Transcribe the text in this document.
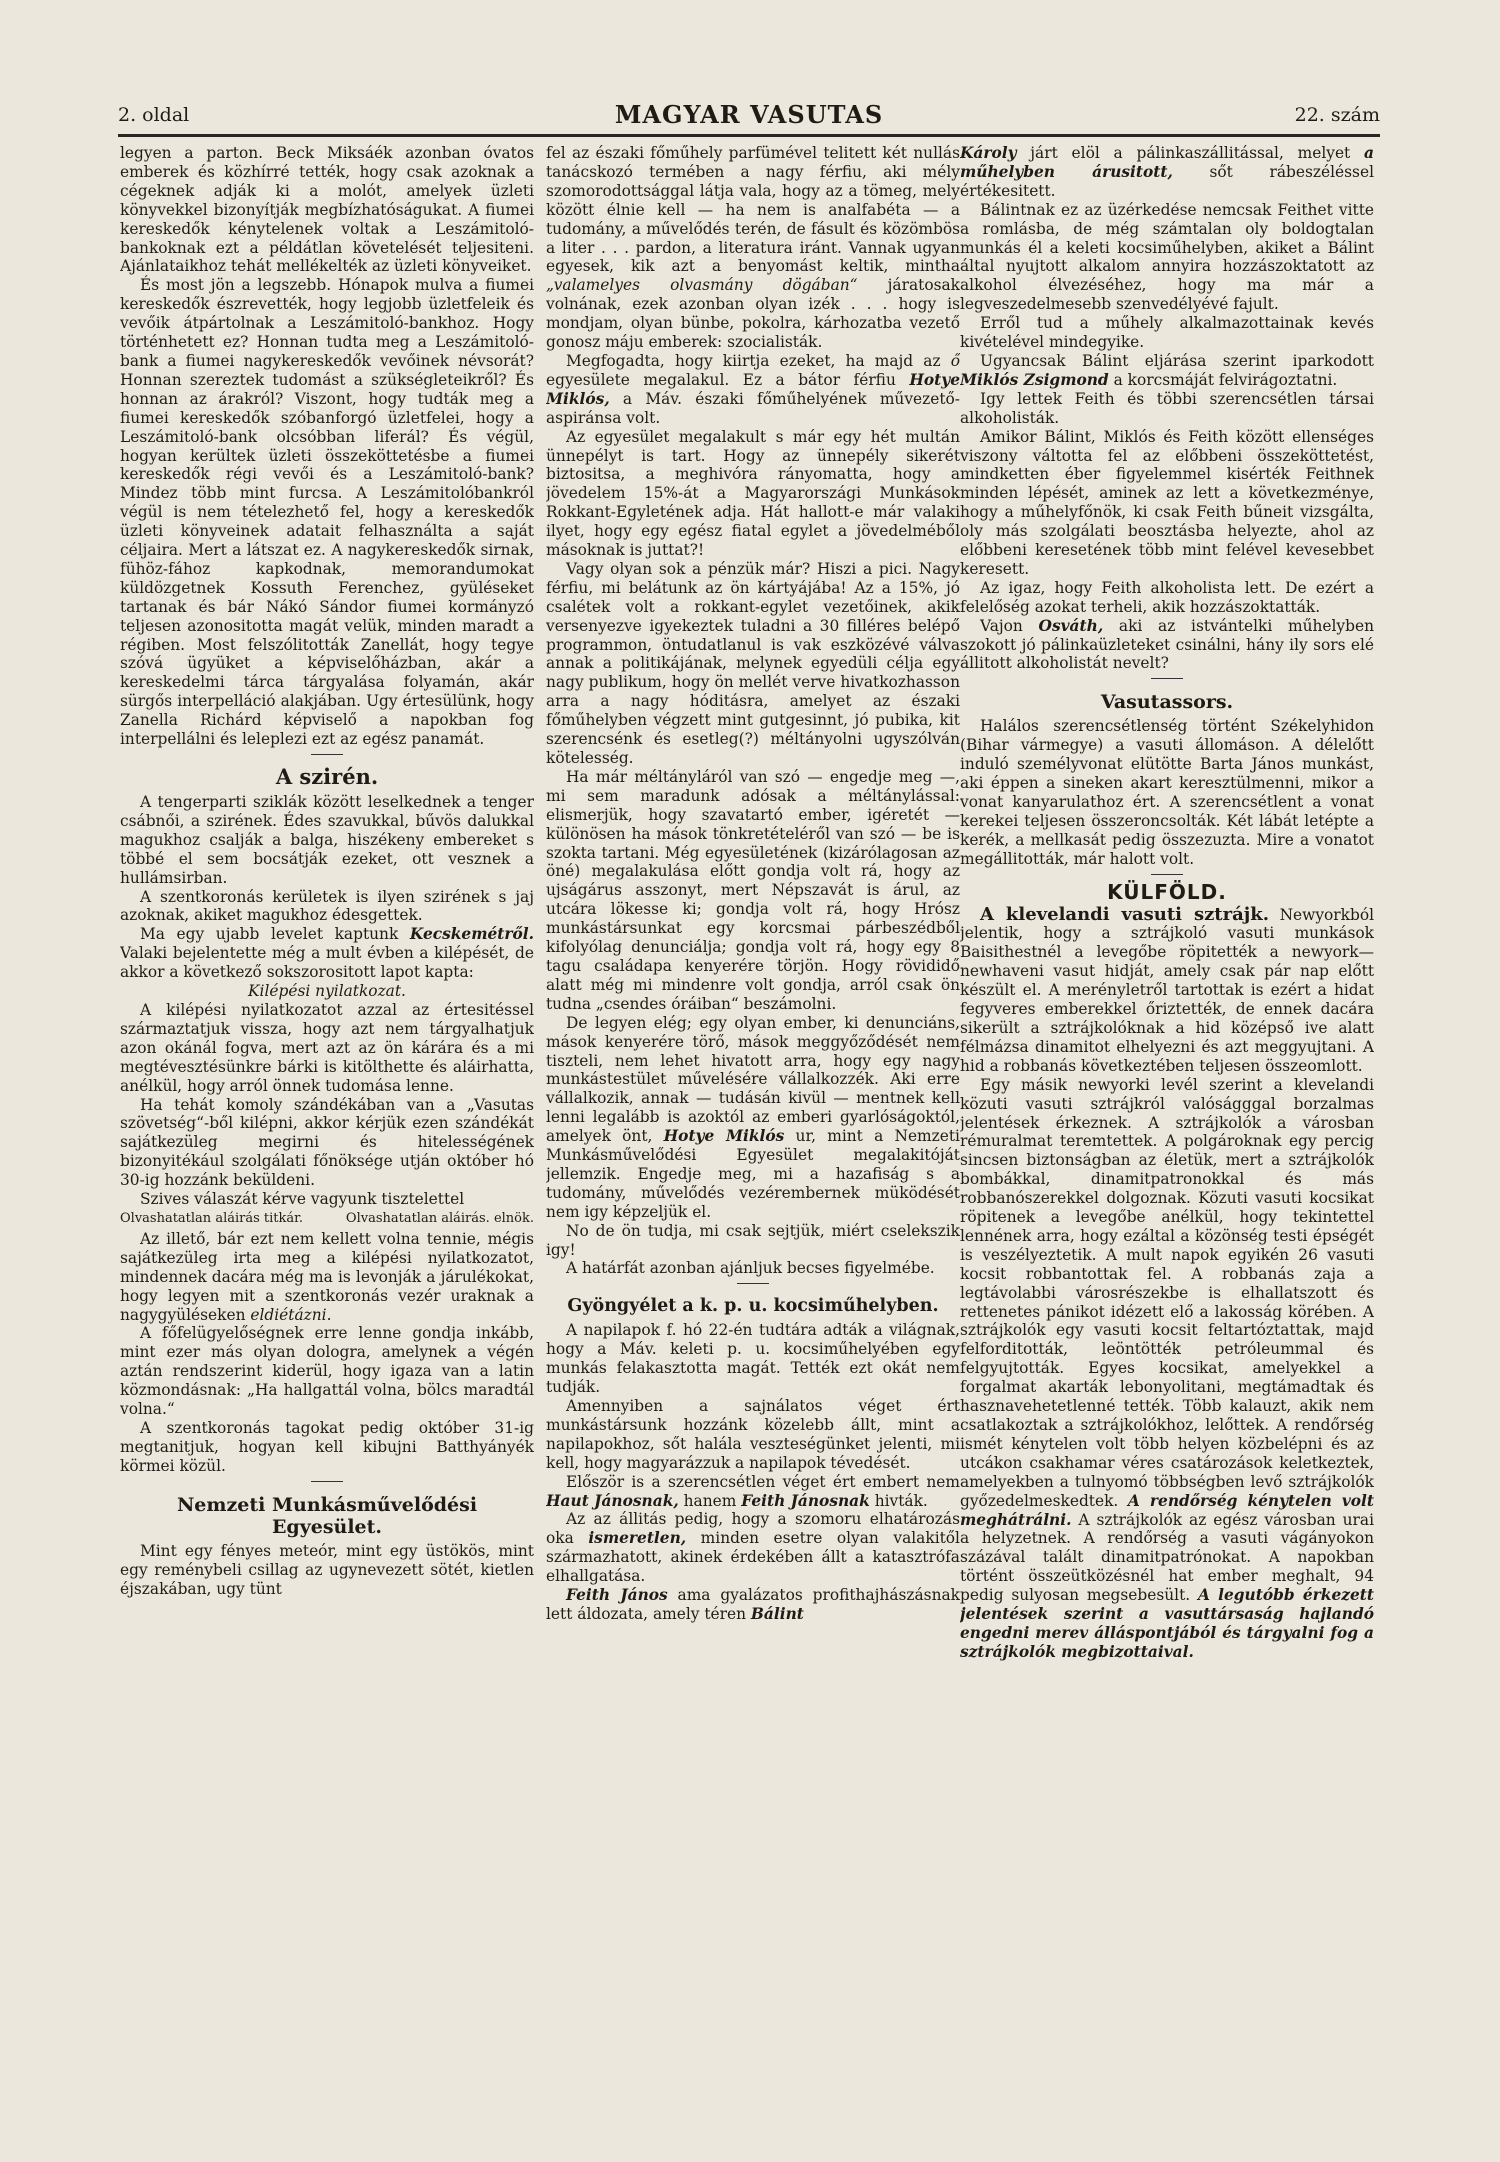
2. oldal	MAGYAR VASUTAS	22. szám

legyen a parton. Beck Miksáék azonban óvatos emberek és közhírré tették, hogy csak azoknak a cégeknek adják ki a molót, amelyek üzleti könyvekkel bizonyítják megbízhatóságukat. A fiumei kereskedők kénytelenek voltak a Leszámitoló-bankoknak ezt a példátlan követelését teljesiteni. Ajánlataikhoz tehát mellékelték az üzleti könyveiket.

És most jön a legszebb. Hónapok mulva a fiumei kereskedők észrevették, hogy legjobb üzletfeleik és vevőik átpártolnak a Leszámitoló-bankhoz. Hogy történhetett ez? Honnan tudta meg a Leszámitoló-bank a fiumei nagykereskedők vevőinek névsorát? Honnan szereztek tudomást a szükségleteikről? És honnan az árakról? Viszont, hogy tudták meg a fiumei kereskedők szóbanforgó üzletfelei, hogy a Leszámitoló-bank olcsóbban liferál? És végül, hogyan kerültek üzleti összeköttetésbe a fiumei kereskedők régi vevői és a Leszámitoló-bank? Mindez több mint furcsa. A Leszámitolóbankról végül is nem tételezhető fel, hogy a kereskedők üzleti könyveinek adatait felhasználta a saját céljaira. Mert a látszat ez. A nagykereskedők sirnak, fühöz-fához kapkodnak, memorandumokat küldözgetnek Kossuth Ferenchez, gyüléseket tartanak és bár Nákó Sándor fiumei kormányzó teljesen azonositotta magát velük, minden maradt a régiben. Most felszólitották Zanellát, hogy tegye szóvá ügyüket a képviselőházban, akár a kereskedelmi tárca tárgyalása folyamán, akár sürgős interpelláció alakjában. Ugy értesülünk, hogy Zanella Richárd képviselő a napokban fog interpellálni és leleplezi ezt az egész panamát.

A szirén.

A tengerparti sziklák között leselkednek a tenger csábnői, a szirének. Édes szavukkal, bűvös dalukkal magukhoz csalják a balga, hiszékeny embereket s többé el sem bocsátják ezeket, ott vesznek a hullámsirban.

A szentkoronás kerületek is ilyen szirének s jaj azoknak, akiket magukhoz édesgettek.

Ma egy ujabb levelet kaptunk Kecskemétről. Valaki bejelentette még a mult évben a kilépését, de akkor a következő sokszorositott lapot kapta:

Kilépési nyilatkozat.

A kilépési nyilatkozatot azzal az értesitéssel származtatjuk vissza, hogy azt nem tárgyalhatjuk azon okánál fogva, mert azt az ön kárára és a mi megtévesztésünkre bárki is kitölthette és aláirhatta, anélkül, hogy arról önnek tudomása lenne.

Ha tehát komoly szándékában van a „Vasutas szövetség“-ből kilépni, akkor kérjük ezen szándékát sajátkezüleg megirni és hitelességének bizonyitékául szolgálati főnöksége utján október hó 30-ig hozzánk beküldeni.

Szives válaszát kérve vagyunk tisztelettel

Olvashatatlan aláirás titkár.	Olvashatatlan aláirás. elnök.

Az illető, bár ezt nem kellett volna tennie, mégis sajátkezüleg irta meg a kilépési nyilatkozatot, mindennek dacára még ma is levonják a járulékokat, hogy legyen mit a szentkoronás vezér uraknak a nagygyüléseken eldiétázni.

A főfelügyelőségnek erre lenne gondja inkább, mint ezer más olyan dologra, amelynek a végén aztán rendszerint kiderül, hogy igaza van a latin közmondásnak: „Ha hallgattál volna, bölcs maradtál volna.“

A szentkoronás tagokat pedig október 31-ig megtanitjuk, hogyan kell kibujni Batthyányék körmei közül.

Nemzeti Munkásművelődési Egyesület.

Mint egy fényes meteór, mint egy üstökös, mint egy reménybeli csillag az ugynevezett sötét, kietlen éjszakában, ugy tünt

fel az északi főműhely parfümével telitett két nullás tanácskozó termében a nagy férfiu, aki mély szomorodottsággal látja vala, hogy az a tömeg, mely között élnie kell — ha nem is analfabéta — a tudomány, a művelődés terén, de fásult és közömbös a liter . . . pardon, a literatura iránt. Vannak ugyan egyesek, kik azt a benyomást keltik, mintha „valamelyes olvasmány dögában“ járatosak volnának, ezek azonban olyan izék . . . hogy is mondjam, olyan bünbe, pokolra, kárhozatba vezető gonosz máju emberek: szocialisták.

Megfogadta, hogy kiirtja ezeket, ha majd az ő egyesülete megalakul. Ez a bátor férfiu Hotye Miklós, a Máv. északi főműhelyének művezető-aspiránsa volt.

Az egyesület megalakult s már egy hét multán ünnepélyt is tart. Hogy az ünnepély sikerét biztositsa, a meghivóra rányomatta, hogy a jövedelem 15%-át a Magyarországi Munkások Rokkant-Egyletének adja. Hát hallott-e már valaki ilyet, hogy egy egész fiatal egylet a jövedelméből másoknak is juttat?!

Vagy olyan sok a pénzük már? Hiszi a pici. Nagy férfiu, mi belátunk az ön kártyájába! Az a 15%, jó csalétek volt a rokkant-egylet vezetőinek, akik versenyezve igyekeztek tuladni a 30 filléres belépő programmon, öntudatlanul is vak eszközévé válva annak a politikájának, melynek egyedüli célja egy nagy publikum, hogy ön mellét verve hivatkozhasson arra a nagy hóditásra, amelyet az északi főműhelyben végzett mint gutgesinnt, jó pubika, kit szerencsénk és esetleg(?) méltányolni ugyszólván kötelesség.

Ha már méltányláról van szó — engedje meg —, mi sem maradunk adósak a méltánylással: elismerjük, hogy szavatartó ember, igéretét — különösen ha mások tönkretételéről van szó — be is szokta tartani. Még egyesületének (kizárólagosan az öné) megalakulása előtt gondja volt rá, hogy az ujságárus asszonyt, mert Népszavát is árul, az utcára lökesse ki; gondja volt rá, hogy Hrósz munkástársunkat egy korcsmai párbeszédből kifolyólag denunciálja; gondja volt rá, hogy egy 8 tagu családapa kenyerére törjön. Hogy rövididő alatt még mi mindenre volt gondja, arról csak ön tudna „csendes óráiban“ beszámolni.

De legyen elég; egy olyan ember, ki denunciáns, mások kenyerére törő, mások meggyőződését nem tiszteli, nem lehet hivatott arra, hogy egy nagy munkástestület művelésére vállalkozzék. Aki erre vállalkozik, annak — tudásán kivül — mentnek kell lenni legalább is azoktól az emberi gyarlóságoktól, amelyek önt, Hotye Miklós ur, mint a Nemzeti Munkásművelődési Egyesület megalakitóját jellemzik. Engedje meg, mi a hazafiság s a tudomány, művelődés vezérembernek müködését nem igy képzeljük el.

No de ön tudja, mi csak sejtjük, miért cselekszik igy!

A határfát azonban ajánljuk becses figyelmébe.

Gyöngyélet a k. p. u. kocsiműhelyben.

A napilapok f. hó 22-én tudtára adták a világnak, hogy a Máv. keleti p. u. kocsiműhelyében egy munkás felakasztotta magát. Tették ezt okát nem tudják.

Amennyiben a sajnálatos véget ért munkástársunk hozzánk közelebb állt, mint a napilapokhoz, sőt halála veszteségünket jelenti, mi kell, hogy magyarázzuk a napilapok tévedését.

Először is a szerencsétlen véget ért embert nem Haut Jánosnak, hanem Feith Jánosnak hivták.

Az az állitás pedig, hogy a szomoru elhatározás oka ismeretlen, minden esetre olyan valakitől származhatott, akinek érdekében állt a katasztrófa elhallgatása.

Feith János ama gyalázatos profithajhászásnak lett áldozata, amely téren Bálint

Károly járt elöl a pálinkaszállitással, melyet a műhelyben árusitott, sőt rábeszéléssel értékesitett.

Bálintnak ez az üzérkedése nemcsak Feithet vitte a romlásba, de még számtalan oly boldogtalan munkás él a keleti kocsiműhelyben, akiket a Bálint által nyujtott alkalom annyira hozzászoktatott az alkohol élvezéséhez, hogy ma már a legveszedelmesebb szenvedélyévé fajult.

Erről tud a műhely alkalmazottainak kevés kivételével mindegyike.

Ugyancsak Bálint eljárása szerint iparkodott Miklós Zsigmond a korcsmáját felvirágoztatni.

Igy lettek Feith és többi szerencsétlen társai alkoholisták.

Amikor Bálint, Miklós és Feith között ellenséges viszony váltotta fel az előbbeni összeköttetést, mindketten éber figyelemmel kisérték Feithnek minden lépését, aminek az lett a következménye, hogy a műhelyfőnök, ki csak Feith bűneit vizsgálta, oly más szolgálati beosztásba helyezte, ahol az előbbeni keresetének több mint felével kevesebbet keresett.

Az igaz, hogy Feith alkoholista lett. De ezért a felelőség azokat terheli, akik hozzászoktatták.

Vajon Osváth, aki az istvántelki műhelyben szokott jó pálinkaüzleteket csinálni, hány ily sors elé állitott alkoholistát nevelt?

Vasutassors.

Halálos szerencsétlenség történt Székelyhidon (Bihar vármegye) a vasuti állomáson. A délelőtt induló személyvonat elütötte Barta János munkást, aki éppen a sineken akart keresztülmenni, mikor a vonat kanyarulathoz ért. A szerencsétlent a vonat kerekei teljesen összeroncsolták. Két lábát letépte a kerék, a mellkasát pedig összezuzta. Mire a vonatot megállitották, már halott volt.

KÜLFÖLD.

A klevelandi vasuti sztrájk. Newyorkból jelentik, hogy a sztrájkoló vasuti munkások Baisithestnél a levegőbe röpitették a newyork—newhaveni vasut hidját, amely csak pár nap előtt készült el. A merényletről tartottak is ezért a hidat fegyveres emberekkel őriztették, de ennek dacára sikerült a sztrájkolóknak a hid középső ive alatt félmázsa dinamitot elhelyezni és azt meggyujtani. A hid a robbanás következtében teljesen összeomlott.

Egy másik newyorki levél szerint a klevelandi közuti vasuti sztrájkról valóságggal borzalmas jelentések érkeznek. A sztrájkolók a városban rémuralmat teremtettek. A polgároknak egy percig sincsen biztonságban az életük, mert a sztrájkolók bombákkal, dinamitpatronokkal és más robbanószerekkel dolgoznak. Közuti vasuti kocsikat röpitenek a levegőbe anélkül, hogy tekintettel lennének arra, hogy ezáltal a közönség testi épségét is veszélyeztetik. A mult napok egyikén 26 vasuti kocsit robbantottak fel. A robbanás zaja a legtávolabbi városrészekbe is elhallatszott és rettenetes pánikot idézett elő a lakosság körében. A sztrájkolók egy vasuti kocsit feltartóztattak, majd felforditották, leöntötték petróleummal és felgyujtották. Egyes kocsikat, amelyekkel a forgalmat akarták lebonyolitani, megtámadtak és hasznavehetetlenné tették. Több kalauzt, akik nem csatlakoztak a sztrájkolókhoz, lelőttek. A rendőrség ismét kénytelen volt több helyen közbelépni és az utcákon csakhamar véres csatározások keletkeztek, amelyekben a tulnyomó többségben levő sztrájkolók győzedelmeskedtek. A rendőrség kénytelen volt meghátrálni. A sztrájkolók az egész városban urai a helyzetnek. A rendőrség a vasuti vágányokon százával talált dinamitpatrónokat. A napokban történt összeütközésnél hat ember meghalt, 94 pedig sulyosan megsebesült. A legutóbb érkezett jelentések szerint a vasuttársaság hajlandó engedni merev álláspontjából és tárgyalni fog a sztrájkolók megbizottaival.
